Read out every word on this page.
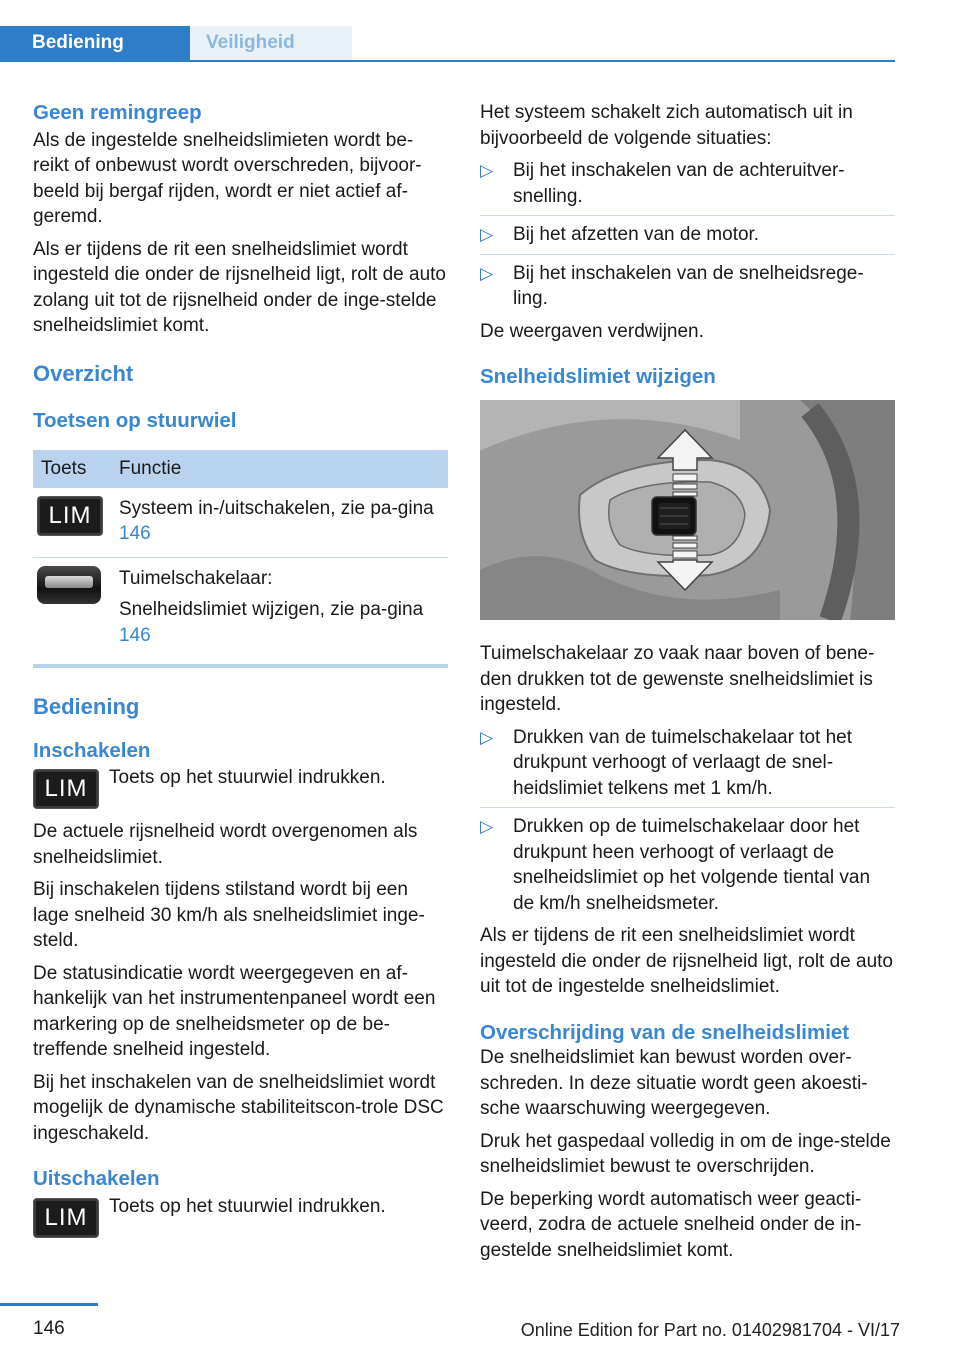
Bediening	Veiligheid
Geen remingreep

Als de ingestelde snelheidslimieten wordt be-reikt of onbewust wordt overschreden, bijvoor-beeld bij bergaf rijden, wordt er niet actief af-geremd.

Als er tijdens de rit een snelheidslimiet wordt ingesteld die onder de rijsnelheid ligt, rolt de auto zolang uit tot de rijsnelheid onder de inge-stelde snelheidslimiet komt.

Overzicht
Toetsen op stuurwiel
Toets	Functie
LIM	Systeem in-/uitschakelen, zie pa-gina 146

	Tuimelschakelaar:

Snelheidslimiet wijzigen, zie pa-gina 146

Bediening
Inschakelen
LIM	Toets op het stuurwiel indrukken.

De actuele rijsnelheid wordt overgenomen als snelheidslimiet.

Bij inschakelen tijdens stilstand wordt bij een lage snelheid 30 km/h als snelheidslimiet inge-steld.

De statusindicatie wordt weergegeven en af-hankelijk van het instrumentenpaneel wordt een markering op de snelheidsmeter op de be-treffende snelheid ingesteld.

Bij het inschakelen van de snelheidslimiet wordt mogelijk de dynamische stabiliteitscon-trole DSC ingeschakeld.

Uitschakelen
LIM	Toets op het stuurwiel indrukken.

Het systeem schakelt zich automatisch uit in bijvoorbeeld de volgende situaties:

▷ Bij het inschakelen van de achteruitver-snelling.
▷ Bij het afzetten van de motor.
▷ Bij het inschakelen van de snelheidsrege-ling.

De weergaven verdwijnen.

Snelheidslimiet wijzigen

Tuimelschakelaar zo vaak naar boven of bene-den drukken tot de gewenste snelheidslimiet is ingesteld.

▷ Drukken van de tuimelschakelaar tot het drukpunt verhoogt of verlaagt de snel-heidslimiet telkens met 1 km/h.
▷ Drukken op de tuimelschakelaar door het drukpunt heen verhoogt of verlaagt de snelheidslimiet op het volgende tiental van de km/h snelheidsmeter.

Als er tijdens de rit een snelheidslimiet wordt ingesteld die onder de rijsnelheid ligt, rolt de auto uit tot de ingestelde snelheidslimiet.

Overschrijding van de snelheidslimiet

De snelheidslimiet kan bewust worden over-schreden. In deze situatie wordt geen akoesti-sche waarschuwing weergegeven.

Druk het gaspedaal volledig in om de inge-stelde snelheidslimiet bewust te overschrijden.

De beperking wordt automatisch weer geacti-veerd, zodra de actuele snelheid onder de in-gestelde snelheidslimiet komt.

146	Online Edition for Part no. 01402981704 - VI/17
